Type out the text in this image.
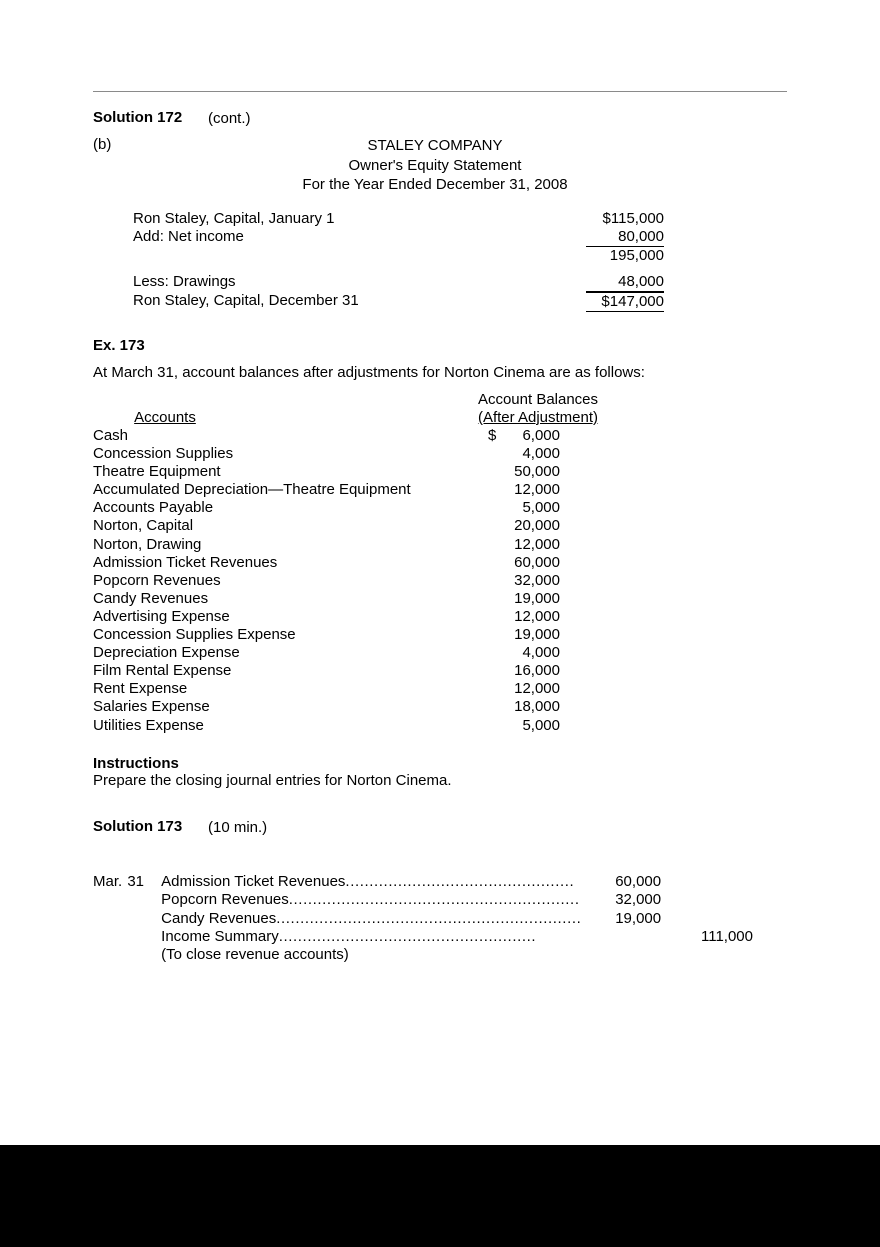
Solution 172 (cont.)
(b)	STALEY COMPANY
Owner's Equity Statement
For the Year Ended December 31, 2008
Ron Staley, Capital, January 1	$115,000
Add: Net income	80,000
	195,000

Less: Drawings	48,000
Ron Staley, Capital, December 31	$147,000
Ex. 173
At March 31, account balances after adjustments for Norton Cinema are as follows:
Account Balances
(After Adjustment)
Accounts
Cash	$ 6,000
Concession Supplies	4,000
Theatre Equipment	50,000
Accumulated Depreciation—Theatre Equipment	12,000
Accounts Payable	5,000
Norton, Capital	20,000
Norton, Drawing	12,000
Admission Ticket Revenues	60,000
Popcorn Revenues	32,000
Candy Revenues	19,000
Advertising Expense	12,000
Concession Supplies Expense	19,000
Depreciation Expense	4,000
Film Rental Expense	16,000
Rent Expense	12,000
Salaries Expense	18,000
Utilities Expense	5,000
Instructions
Prepare the closing journal entries for Norton Cinema.
Solution 173 (10 min.)
Mar.	31	Admission Ticket Revenues................................................	60,000	

		Popcorn Revenues.............................................................	32,000	

		Candy Revenues................................................................	19,000	

		Income Summary......................................................		111,000
		(To close revenue accounts)		
